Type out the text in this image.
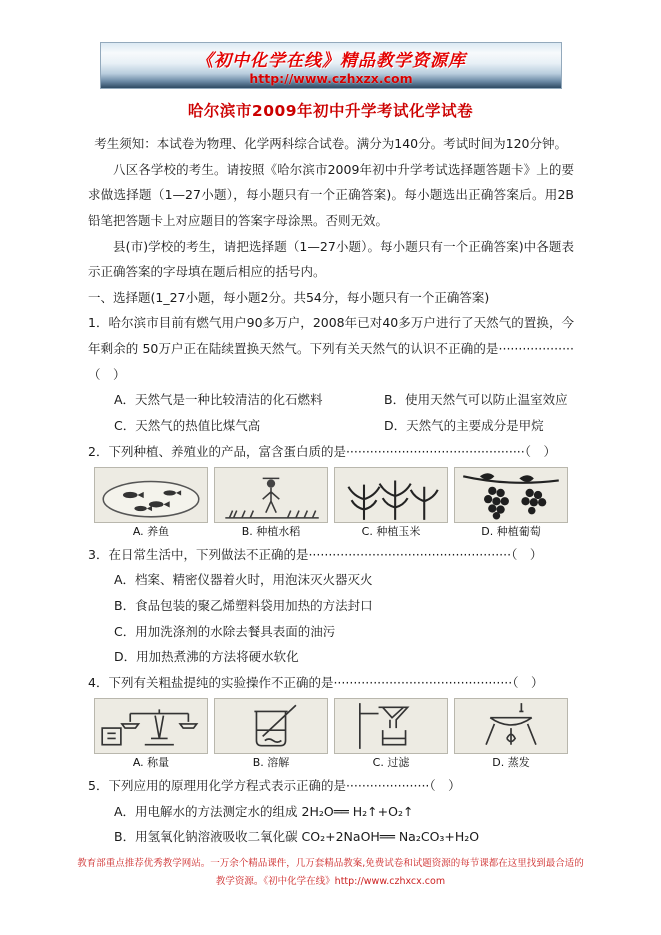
《初中化学在线》精品教学资源库
http://www.czhxzx.com
哈尔滨市2009年初中升学考试化学试卷

考生须知：本试卷为物理、化学两科综合试卷。满分为140分。考试时间为120分钟。

八区各学校的考生。请按照《哈尔滨市2009年初中升学考试选择题答题卡》上的要求做选择题（1—27小题），每小题只有一个正确答案)。每小题选出正确答案后。用2B铅笔把答题卡上对应题目的答案字母涂黑。否则无效。

县(市)学校的考生，请把选择题（1—27小题）。每小题只有一个正确答案)中各题表示正确答案的字母填在题后相应的括号内。

一、选择题(1_27小题，每小题2分。共54分，每小题只有一个正确答案)

1．哈尔滨市目前有燃气用户90多万户，2008年已对40多万户进行了天然气的置换，今年剩余的 50万户正在陆续置换天然气。下列有关天然气的认识不正确的是···················（　）

A．天然气是一种比较清洁的化石燃料	B．使用天然气可以防止温室效应
C．天然气的热值比煤气高	D．天然气的主要成分是甲烷

2．下列种植、养殖业的产品，富含蛋白质的是·············································（　）

A. 养鱼	B. 种植水稻	C. 种植玉米	D. 种植葡萄

3．在日常生活中，下列做法不正确的是···················································（　）

A．档案、精密仪器着火时，用泡沫灭火器灭火

B．食品包装的聚乙烯塑料袋用加热的方法封口

C．用加洗涤剂的水除去餐具表面的油污

D．用加热煮沸的方法将硬水软化

4．下列有关粗盐提纯的实验操作不正确的是·············································（　）

A. 称量	B. 溶解	C. 过滤	D. 蒸发

5．下列应用的原理用化学方程式表示正确的是·····················（　）

A．用电解水的方法测定水的组成 2H₂O══ H₂↑+O₂↑

B．用氢氧化钠溶液吸收二氧化碳 CO₂+2NaOH══ Na₂CO₃+H₂O

教育部重点推荐优秀教学网站。一万余个精品课件，几万套精品教案,免费试卷和试题资源的每节课都在这里找到最合适的
教学资源。《初中化学在线》http://www.czhxcx.com
